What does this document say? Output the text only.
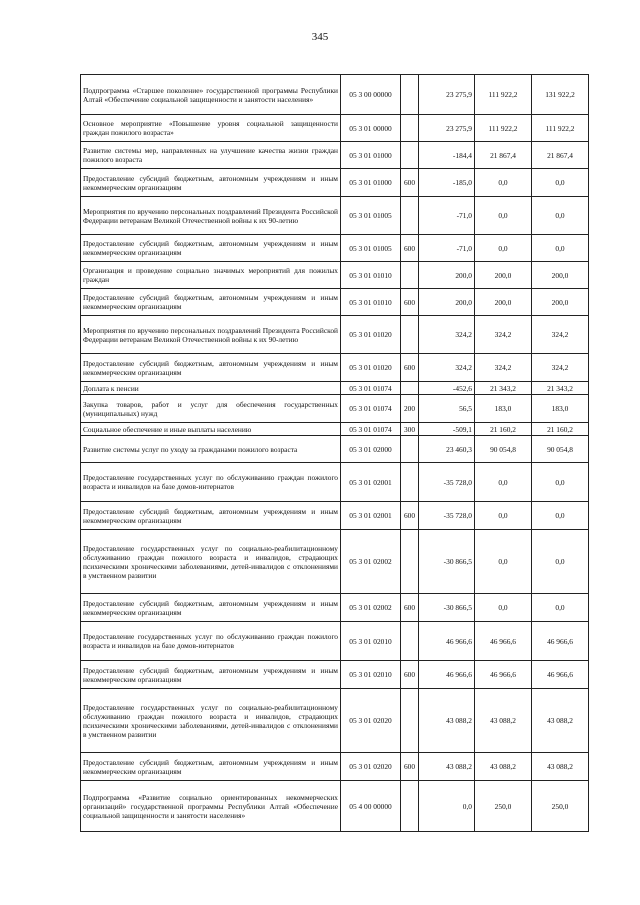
345
Подпрограмма «Старшее поколение» государственной программы Республики Алтай «Обеспечение социальной защищенности и занятости населения»	05 3 00 00000		23 275,9	111 922,2	131 922,2
Основное мероприятие «Повышение уровня социальной защищенности граждан пожилого возраста»	05 3 01 00000		23 275,9	111 922,2	111 922,2
Развитие системы мер, направленных на улучшение качества жизни граждан пожилого возраста	05 3 01 01000		-184,4	21 867,4	21 867,4
Предоставление субсидий бюджетным, автономным учреждениям и иным некоммерческим организациям	05 3 01 01000	600	-185,0	0,0	0,0
Мероприятия по вручению персональных поздравлений Президента Российской Федерации ветеранам Великой Отечественной войны к их 90-летию	05 3 01 01005		-71,0	0,0	0,0
Предоставление субсидий бюджетным, автономным учреждениям и иным некоммерческим организациям	05 3 01 01005	600	-71,0	0,0	0,0
Организация и проведение социально значимых мероприятий для пожилых граждан	05 3 01 01010		200,0	200,0	200,0
Предоставление субсидий бюджетным, автономным учреждениям и иным некоммерческим организациям	05 3 01 01010	600	200,0	200,0	200,0
Мероприятия по вручению персональных поздравлений Президента Российской Федерации ветеранам Великой Отечественной войны к их 90-летию	05 3 01 01020		324,2	324,2	324,2
Предоставление субсидий бюджетным, автономным учреждениям и иным некоммерческим организациям	05 3 01 01020	600	324,2	324,2	324,2
Доплата к пенсии	05 3 01 01074		-452,6	21 343,2	21 343,2
Закупка товаров, работ и услуг для обеспечения государственных (муниципальных) нужд	05 3 01 01074	200	56,5	183,0	183,0
Социальное обеспечение и иные выплаты населению	05 3 01 01074	300	-509,1	21 160,2	21 160,2
Развитие системы услуг по уходу за гражданами пожилого возраста	05 3 01 02000		23 460,3	90 054,8	90 054,8
Предоставление государственных услуг по обслуживанию граждан пожилого возраста и инвалидов на базе домов-интернатов	05 3 01 02001		-35 728,0	0,0	0,0
Предоставление субсидий бюджетным, автономным учреждениям и иным некоммерческим организациям	05 3 01 02001	600	-35 728,0	0,0	0,0
Предоставление государственных услуг по социально-реабилитационному обслуживанию граждан пожилого возраста и инвалидов, страдающих психическими хроническими заболеваниями, детей-инвалидов с отклонениями в умственном развитии	05 3 01 02002		-30 866,5	0,0	0,0
Предоставление субсидий бюджетным, автономным учреждениям и иным некоммерческим организациям	05 3 01 02002	600	-30 866,5	0,0	0,0
Предоставление государственных услуг по обслуживанию граждан пожилого возраста и инвалидов на базе домов-интернатов	05 3 01 02010		46 966,6	46 966,6	46 966,6
Предоставление субсидий бюджетным, автономным учреждениям и иным некоммерческим организациям	05 3 01 02010	600	46 966,6	46 966,6	46 966,6
Предоставление государственных услуг по социально-реабилитационному обслуживанию граждан пожилого возраста и инвалидов, страдающих психическими хроническими заболеваниями, детей-инвалидов с отклонениями в умственном развитии	05 3 01 02020		43 088,2	43 088,2	43 088,2
Предоставление субсидий бюджетным, автономным учреждениям и иным некоммерческим организациям	05 3 01 02020	600	43 088,2	43 088,2	43 088,2
Подпрограмма «Развитие социально ориентированных некоммерческих организаций» государственной программы Республики Алтай «Обеспечение социальной защищенности и занятости населения»	05 4 00 00000		0,0	250,0	250,0
